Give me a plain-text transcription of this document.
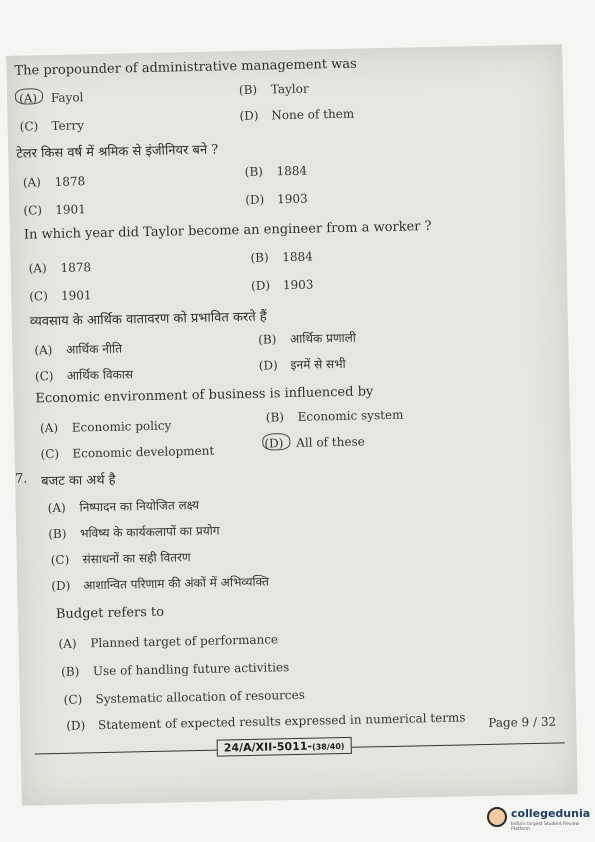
The propounder of administrative management was
(A) Fayol
(B) Taylor
(C) Terry
(D) None of them
टेलर किस वर्ष में श्रमिक से इंजीनियर बने ?
(A) 1878
(B) 1884
(C) 1901
(D) 1903
In which year did Taylor become an engineer from a worker ?
(A) 1878
(B) 1884
(C) 1901
(D) 1903
व्यवसाय के आर्थिक वातावरण को प्रभावित करते हैं
(A) आर्थिक नीति
(B) आर्थिक प्रणाली
(C) आर्थिक विकास
(D) इनमें से सभी
Economic environment of business is influenced by
(A) Economic policy
(B) Economic system
(C) Economic development
(D) All of these
7. बजट का अर्थ है
(A) निष्पादन का नियोजित लक्ष्य
(B) भविष्य के कार्यकलापों का प्रयोग
(C) संसाधनों का सही वितरण
(D) आशान्वित परिणाम की अंकों में अभिव्यक्ति
Budget refers to
(A) Planned target of performance
(B) Use of handling future activities
(C) Systematic allocation of resources
(D) Statement of expected results expressed in numerical terms
24/A/XII-5011-(38/40)
Page 9 / 32
collegedunia
India's largest Student Review Platform
